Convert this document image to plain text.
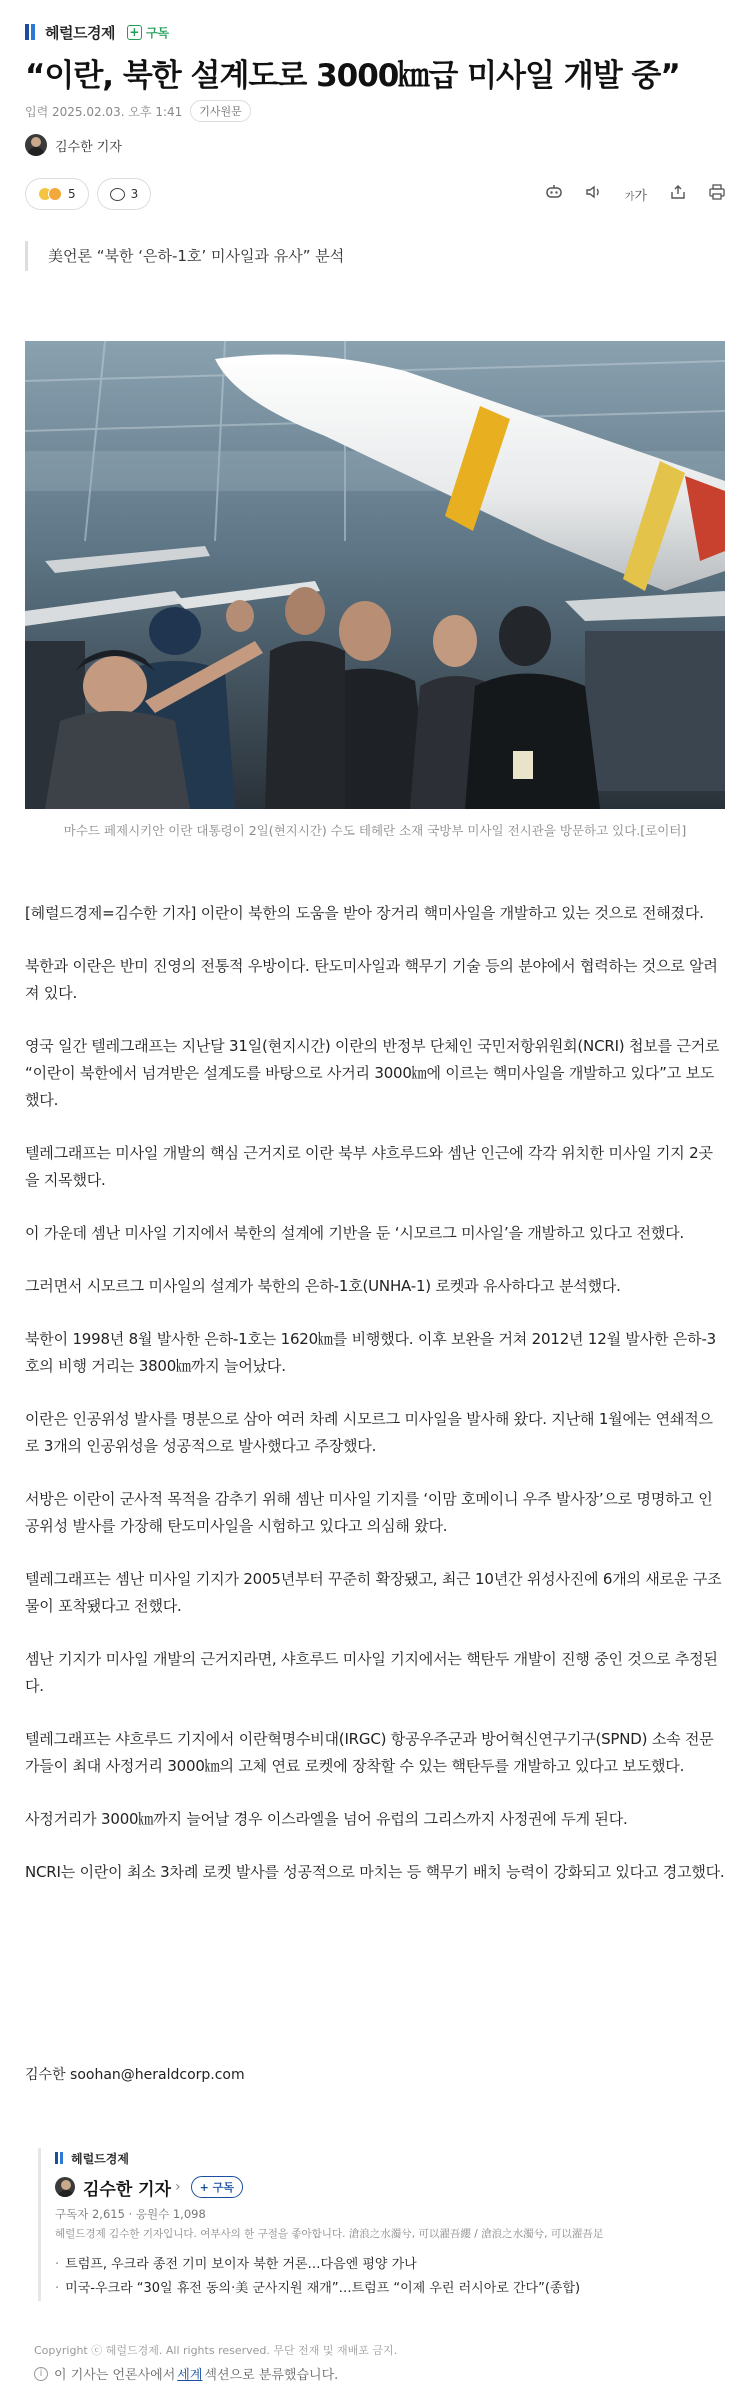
헤럴드경제 + 구독
“이란, 북한 설계도로 3000㎞급 미사일 개발 중”
입력 2025.02.03. 오후 1:41	기사원문
김수한 기자
5	3	가가
美언론 “북한 ‘은하-1호’ 미사일과 유사” 분석
마수드 페제시키안 이란 대통령이 2일(현지시간) 수도 테헤란 소재 국방부 미사일 전시관을 방문하고 있다.[로이터]

[헤럴드경제=김수한 기자] 이란이 북한의 도움을 받아 장거리 핵미사일을 개발하고 있는 것으로 전해졌다.

북한과 이란은 반미 진영의 전통적 우방이다. 탄도미사일과 핵무기 기술 등의 분야에서 협력하는 것으로 알려져 있다.

영국 일간 텔레그래프는 지난달 31일(현지시간) 이란의 반정부 단체인 국민저항위원회(NCRI) 첩보를 근거로 “이란이 북한에서 넘겨받은 설계도를 바탕으로 사거리 3000㎞에 이르는 핵미사일을 개발하고 있다”고 보도했다.

텔레그래프는 미사일 개발의 핵심 근거지로 이란 북부 샤흐루드와 셈난 인근에 각각 위치한 미사일 기지 2곳을 지목했다.

이 가운데 셈난 미사일 기지에서 북한의 설계에 기반을 둔 ‘시모르그 미사일’을 개발하고 있다고 전했다.

그러면서 시모르그 미사일의 설계가 북한의 은하-1호(UNHA-1) 로켓과 유사하다고 분석했다.

북한이 1998년 8월 발사한 은하-1호는 1620㎞를 비행했다. 이후 보완을 거쳐 2012년 12월 발사한 은하-3호의 비행 거리는 3800㎞까지 늘어났다.

이란은 인공위성 발사를 명분으로 삼아 여러 차례 시모르그 미사일을 발사해 왔다. 지난해 1월에는 연쇄적으로 3개의 인공위성을 성공적으로 발사했다고 주장했다.

서방은 이란이 군사적 목적을 감추기 위해 셈난 미사일 기지를 ‘이맘 호메이니 우주 발사장’으로 명명하고 인공위성 발사를 가장해 탄도미사일을 시험하고 있다고 의심해 왔다.

텔레그래프는 셈난 미사일 기지가 2005년부터 꾸준히 확장됐고, 최근 10년간 위성사진에 6개의 새로운 구조물이 포착됐다고 전했다.

셈난 기지가 미사일 개발의 근거지라면, 샤흐루드 미사일 기지에서는 핵탄두 개발이 진행 중인 것으로 추정된다.

텔레그래프는 샤흐루드 기지에서 이란혁명수비대(IRGC) 항공우주군과 방어혁신연구기구(SPND) 소속 전문가들이 최대 사정거리 3000㎞의 고체 연료 로켓에 장착할 수 있는 핵탄두를 개발하고 있다고 보도했다.

사정거리가 3000㎞까지 늘어날 경우 이스라엘을 넘어 유럽의 그리스까지 사정권에 두게 된다.

NCRI는 이란이 최소 3차례 로켓 발사를 성공적으로 마치는 등 핵무기 배치 능력이 강화되고 있다고 경고했다.

김수한 soohan@heraldcorp.com
헤럴드경제
김수한 기자 ›	+ 구독
구독자 2,615 · 응원수 1,098
헤럴드경제 김수한 기자입니다. 여부사의 한 구절을 좋아합니다. 滄浪之水濁兮, 可以濯吾纓 / 滄浪之水濁兮, 可以濯吾足
· 트럼프, 우크라 종전 기미 보이자 북한 거론…다음엔 평양 가나
· 미국-우크라 “30일 휴전 동의·美 군사지원 재개”…트럼프 “이제 우린 러시아로 간다”(종합)
Copyright ⓒ 헤럴드경제. All rights reserved. 무단 전재 및 재배포 금지.
i 이 기사는 언론사에서 세계 섹션으로 분류했습니다.
